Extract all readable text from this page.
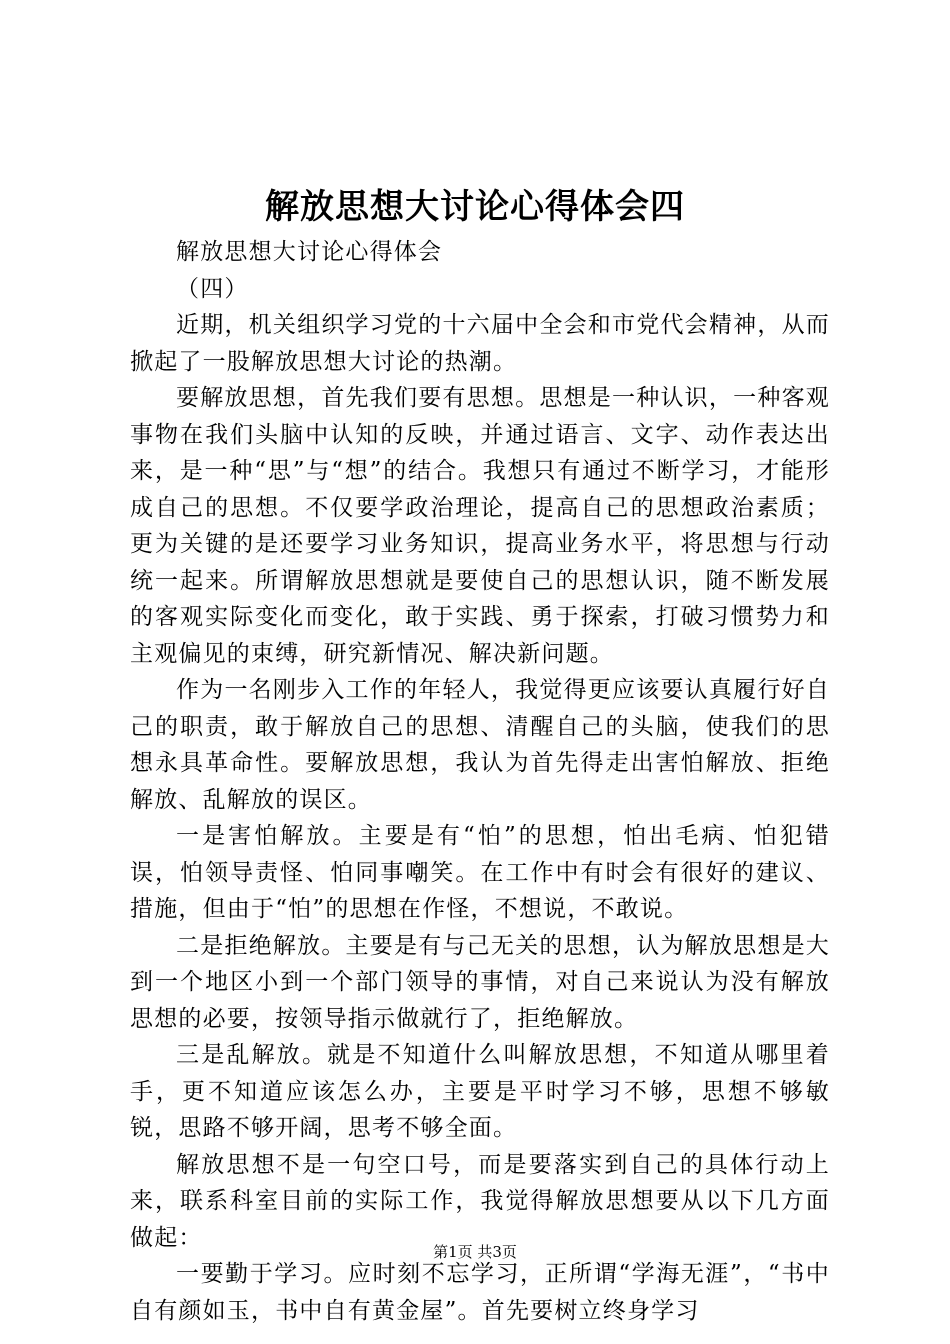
解放思想大讨论心得体会四

解放思想大讨论心得体会

（四）

近期，机关组织学习党的十六届中全会和市党代会精神，从而掀起了一股解放思想大讨论的热潮。

要解放思想，首先我们要有思想。思想是一种认识，一种客观事物在我们头脑中认知的反映，并通过语言、文字、动作表达出来，是一种“思”与“想”的结合。我想只有通过不断学习，才能形成自己的思想。不仅要学政治理论，提高自己的思想政治素质；更为关键的是还要学习业务知识，提高业务水平，将思想与行动统一起来。所谓解放思想就是要使自己的思想认识，随不断发展的客观实际变化而变化，敢于实践、勇于探索，打破习惯势力和主观偏见的束缚，研究新情况、解决新问题。

作为一名刚步入工作的年轻人，我觉得更应该要认真履行好自己的职责，敢于解放自己的思想、清醒自己的头脑，使我们的思想永具革命性。要解放思想，我认为首先得走出害怕解放、拒绝解放、乱解放的误区。

一是害怕解放。主要是有“怕”的思想，怕出毛病、怕犯错误，怕领导责怪、怕同事嘲笑。在工作中有时会有很好的建议、措施，但由于“怕”的思想在作怪，不想说，不敢说。

二是拒绝解放。主要是有与己无关的思想，认为解放思想是大到一个地区小到一个部门领导的事情，对自己来说认为没有解放思想的必要，按领导指示做就行了，拒绝解放。

三是乱解放。就是不知道什么叫解放思想，不知道从哪里着手，更不知道应该怎么办，主要是平时学习不够，思想不够敏锐，思路不够开阔，思考不够全面。

解放思想不是一句空口号，而是要落实到自己的具体行动上来，联系科室目前的实际工作，我觉得解放思想要从以下几方面做起：

一要勤于学习。应时刻不忘学习，正所谓“学海无涯”，“书中自有颜如玉，书中自有黄金屋”。首先要树立终身学习

第1页 共3页
